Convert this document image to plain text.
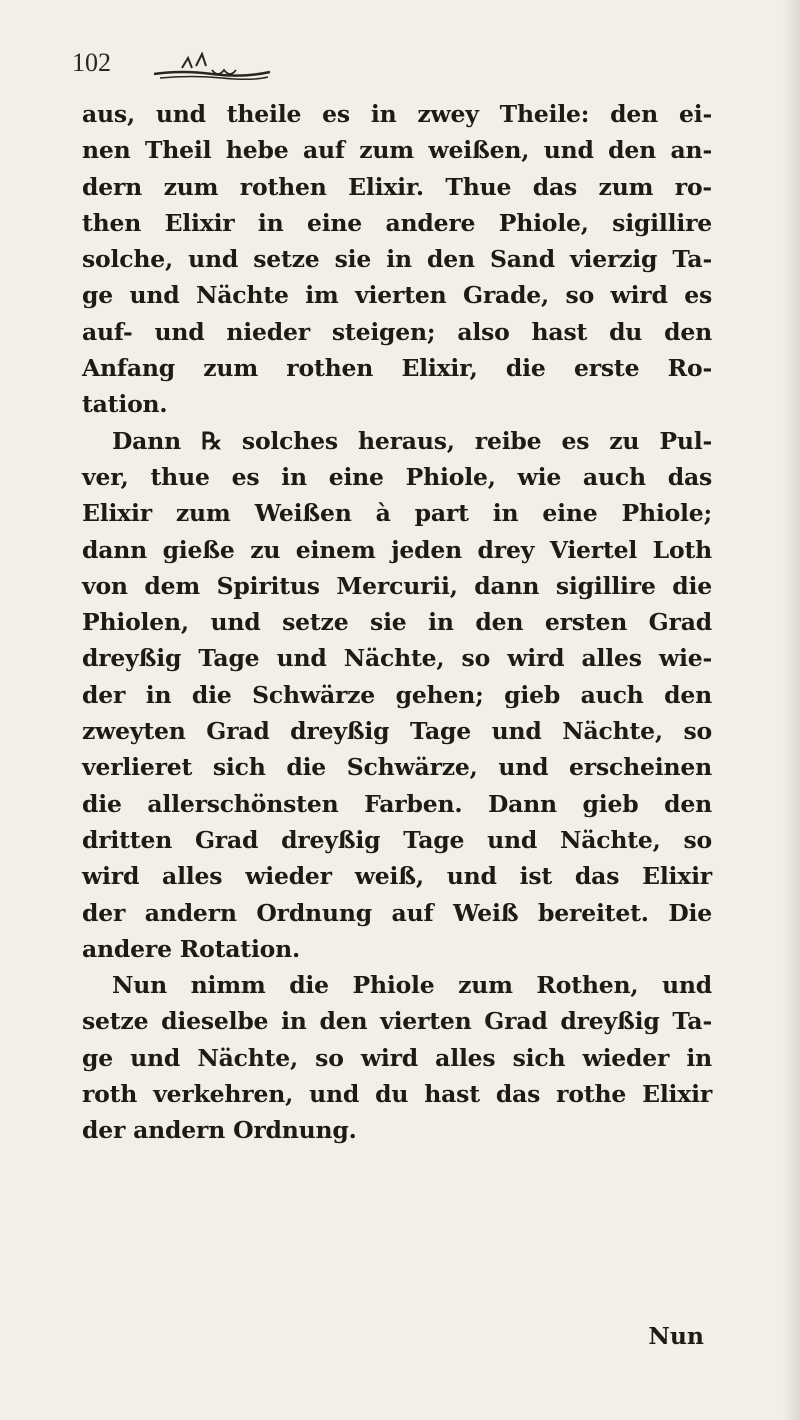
102
aus, und theile es in zwey Theile: den ei-
nen Theil hebe auf zum weißen, und den an-
dern zum rothen Elixir. Thue das zum ro-
then Elixir in eine andere Phiole, sigillire
solche, und setze sie in den Sand vierzig Ta-
ge und Nächte im vierten Grade, so wird es
auf- und nieder steigen; also hast du den
Anfang zum rothen Elixir, die erste Ro-
tation.
Dann ℞ solches heraus, reibe es zu Pul-
ver, thue es in eine Phiole, wie auch das
Elixir zum Weißen à part in eine Phiole;
dann gieße zu einem jeden drey Viertel Loth
von dem Spiritus Mercurii, dann sigillire die
Phiolen, und setze sie in den ersten Grad
dreyßig Tage und Nächte, so wird alles wie-
der in die Schwärze gehen; gieb auch den
zweyten Grad dreyßig Tage und Nächte, so
verlieret sich die Schwärze, und erscheinen
die allerschönsten Farben. Dann gieb den
dritten Grad dreyßig Tage und Nächte, so
wird alles wieder weiß, und ist das Elixir
der andern Ordnung auf Weiß bereitet. Die
andere Rotation.
Nun nimm die Phiole zum Rothen, und
setze dieselbe in den vierten Grad dreyßig Ta-
ge und Nächte, so wird alles sich wieder in
roth verkehren, und du hast das rothe Elixir
der andern Ordnung.
Nun
